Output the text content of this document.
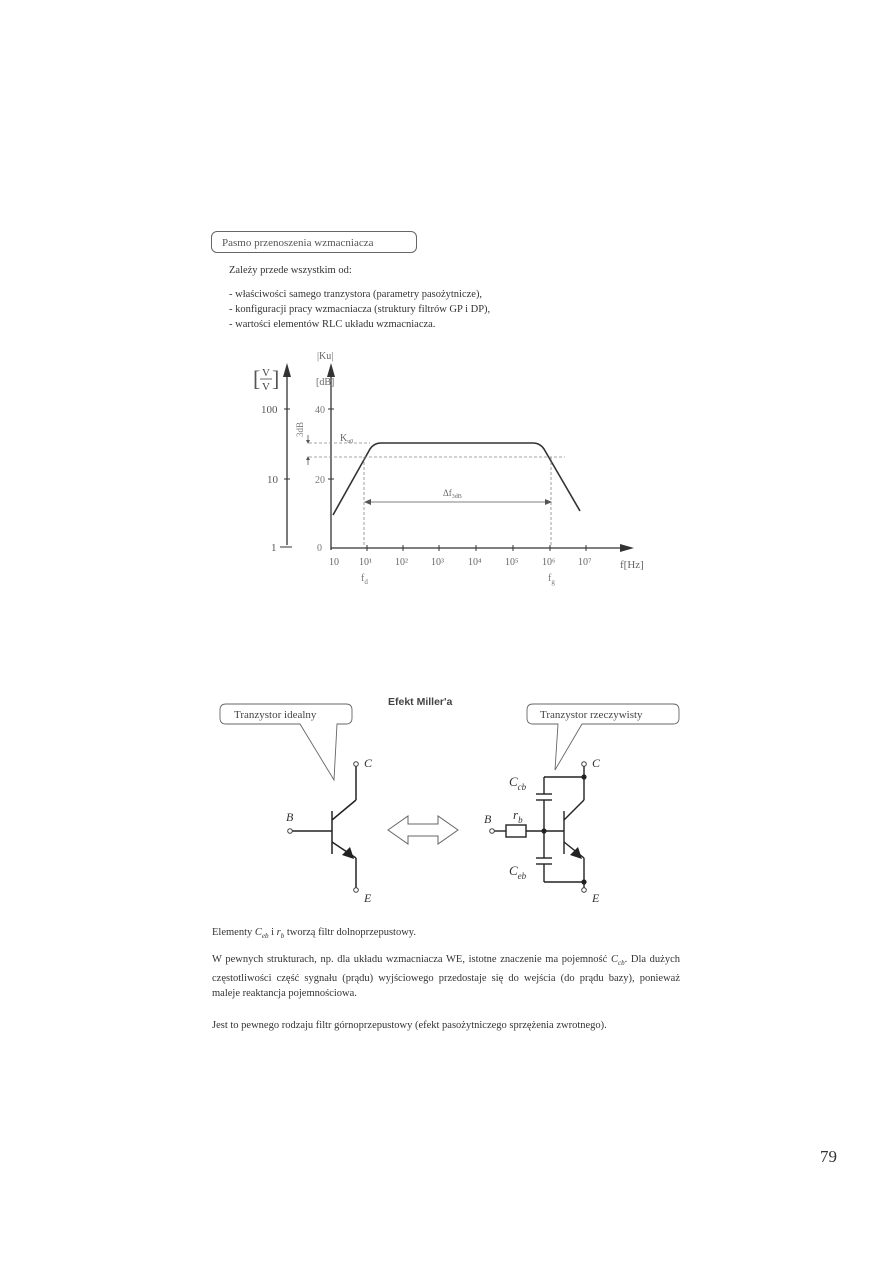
Pasmo przenoszenia wzmacniacza
Zależy przede wszystkim od:
- właściwości samego tranzystora (parametry pasożytnicze),
- konfiguracji pracy wzmacniacza (struktury filtrów GP i DP),
- wartości elementów RLC układu wzmacniacza.
[ ]
V
V
100
10
1
|Ku|
[dB]
40
20
0
10 10¹ 10² 10³ 10⁴ 10⁵ 10⁶ 10⁷	f[Hz]
$f_d$	$f_g$
3dB
$K_{u0}$
$\Delta f_{3dB}$
Efekt Miller'a
Tranzystor idealny	Tranzystor rzeczywisty
B
C
E
B
C
E
$C_{cb}$
$C_{eb}$
$r_b$
Elementy $C_{eb}$ i $r_b$ tworzą filtr dolnoprzepustowy.
W pewnych strukturach, np. dla układu wzmacniacza WE, istotne znaczenie ma pojemność $C_{cb}$. Dla dużych częstotliwości część sygnału (prądu) wyjściowego przedostaje się do wejścia (do prądu bazy), ponieważ maleje reaktancja pojemnościowa.
Jest to pewnego rodzaju filtr górnoprzepustowy (efekt pasożytniczego sprzężenia zwrotnego).
79
